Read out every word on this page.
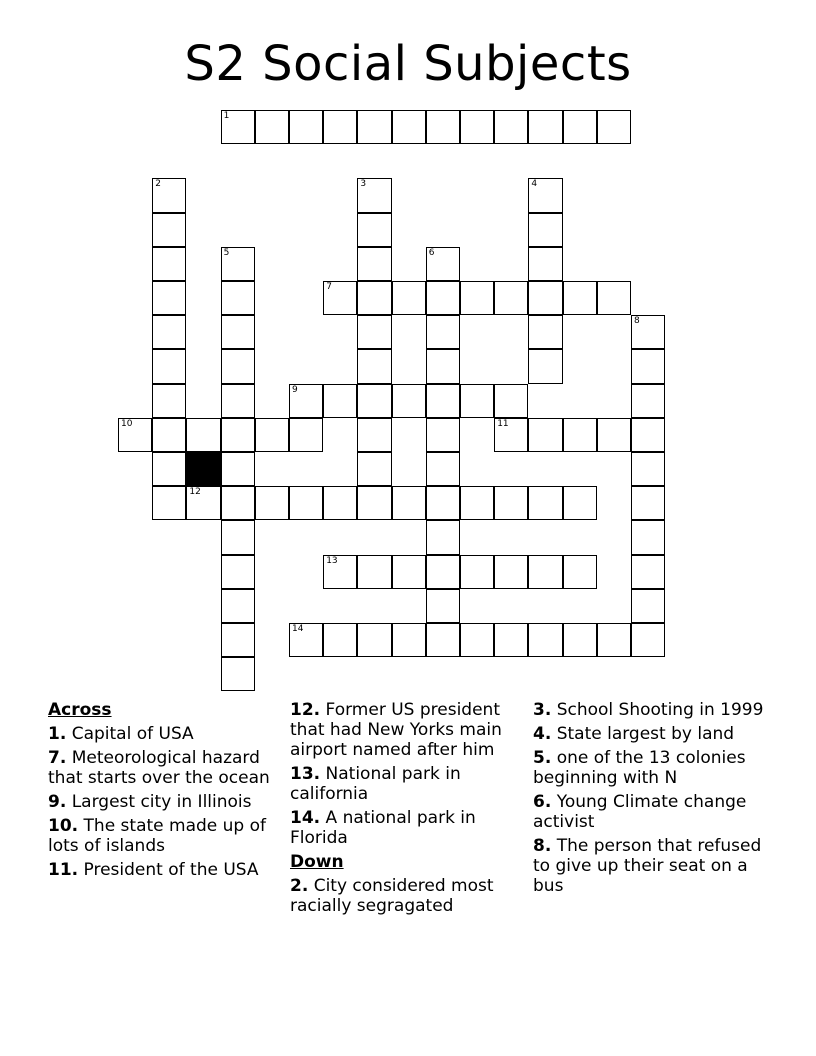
S2 Social Subjects
1
7
9
10	11
12
13
14
2	3	4
5	6
8
Across
1. Capital of USA
7. Meteorological hazard that starts over the ocean
9. Largest city in Illinois
10. The state made up of lots of islands
11. President of the USA
12. Former US president that had New Yorks main airport named after him
13. National park in california
14. A national park in Florida
Down
2. City considered most racially segragated
3. School Shooting in 1999
4. State largest by land
5. one of the 13 colonies beginning with N
6. Young Climate change activist
8. The person that refused to give up their seat on a bus
